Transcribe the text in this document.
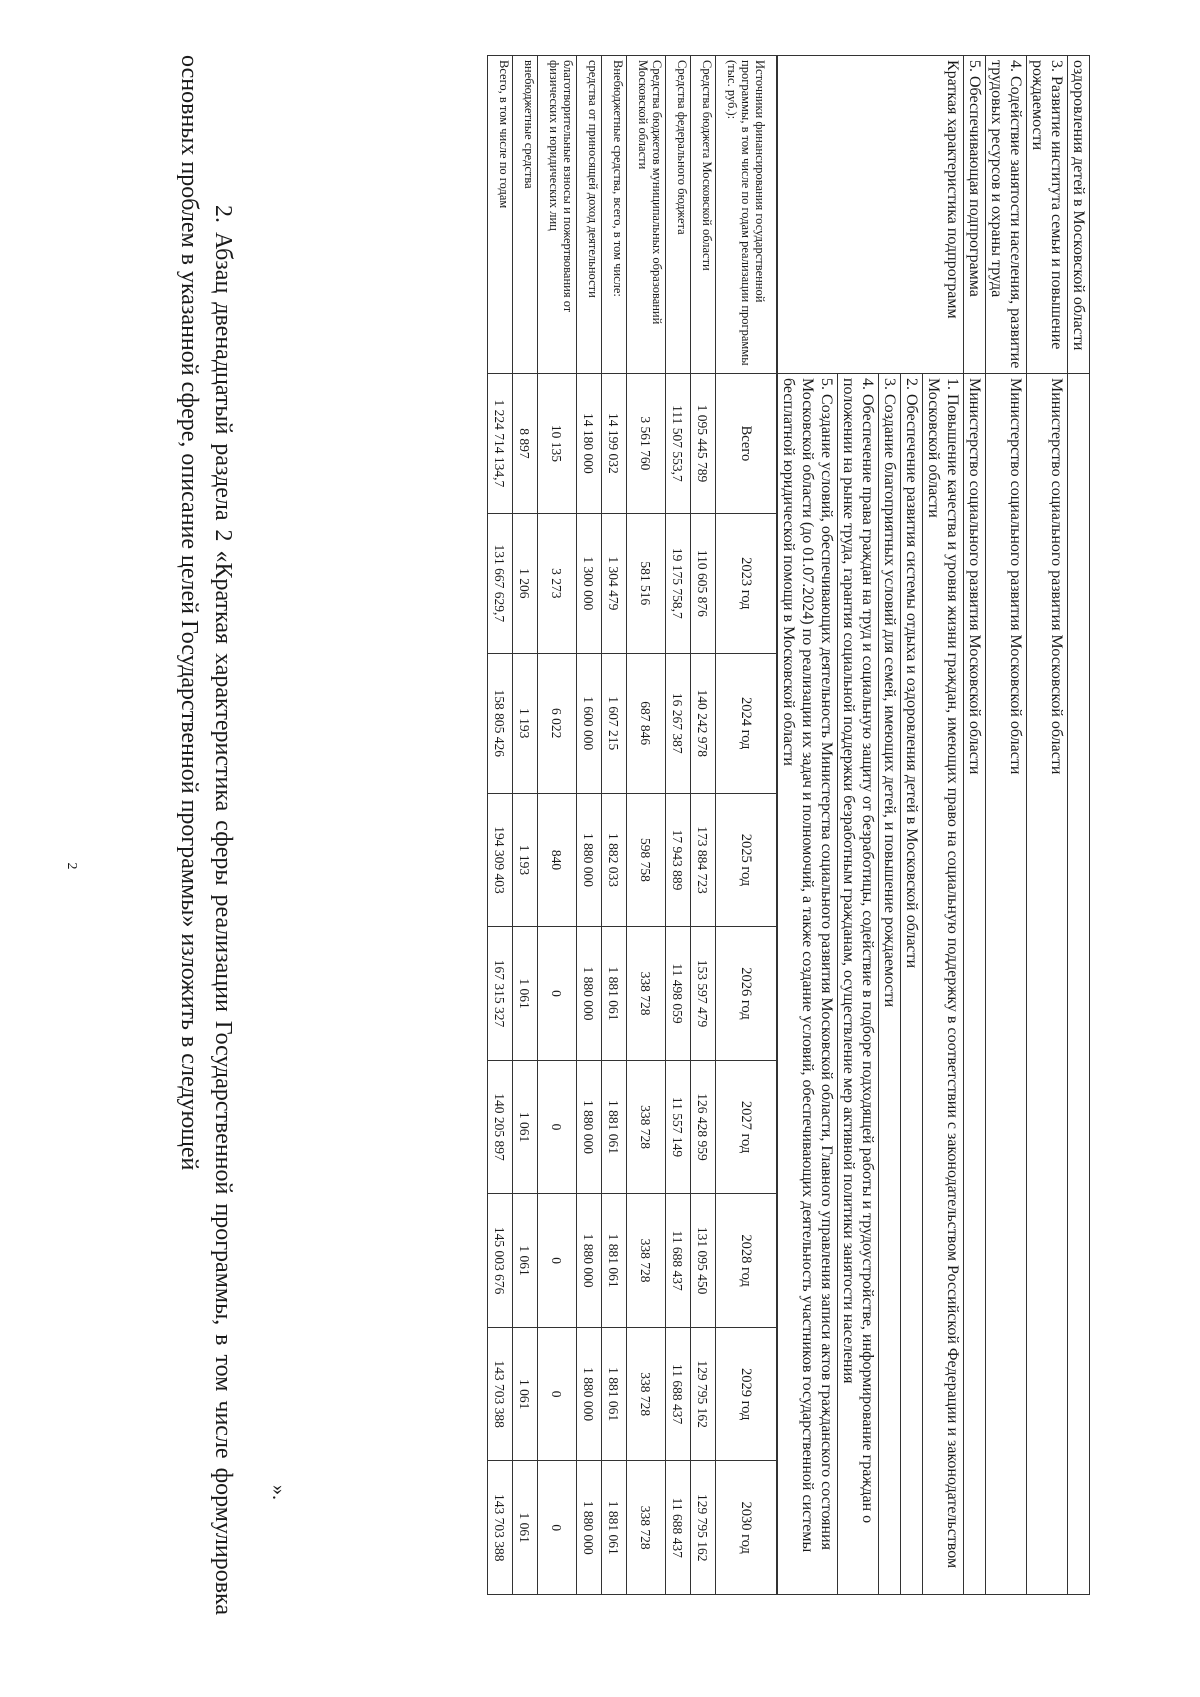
2
оздоровления детей в Московской области									
3. Развитие института семьи и повышение рождаемости	Министерство социального развития Московской области								
4. Содействие занятости населения, развитие трудовых ресурсов и охраны труда	Министерство социального развития Московской области								
5. Обеспечивающая подпрограмма	Министерство социального развития Московской области								
Краткая характеристика подпрограмм	1. Повышение качества и уровня жизни граждан, имеющих право на социальную поддержку в соответствии с законодательством Российской Федерации и законодательством Московской области								
	2. Обеспечение развития системы отдыха и оздоровления детей в Московской области								
	3. Создание благоприятных условий для семей, имеющих детей, и повышение рождаемости								
	4. Обеспечение права граждан на труд и социальную защиту от безработицы, содействие в подборе подходящей работы и трудоустройстве, информирование граждан о положении на рынке труда, гарантия социальной поддержки безработным гражданам, осуществление мер активной политики занятости населения								
	5. Создание условий, обеспечивающих деятельность Министерства социального развития Московской области, Главного управления записи актов гражданского состояния Московской области (до 01.07.2024) по реализации их задач и полномочий, а также создание условий, обеспечивающих деятельность участников государственной системы бесплатной юридической помощи в Московской области								
Источники финансирования государственной программы, в том числе по годам реализации программы (тыс. руб.):	Всего	2023 год	2024 год	2025 год	2026 год	2027 год	2028 год	2029 год	2030 год
Средства бюджета Московской области	1 095 445 789	110 605 876	140 242 978	173 884 723	153 597 479	126 428 959	131 095 450	129 795 162	129 795 162
Средства федерального бюджета	111 507 553,7	19 175 758,7	16 267 387	17 943 889	11 498 059	11 557 149	11 688 437	11 688 437	11 688 437
Средства бюджетов муниципальных образований Московской области	3 561 760	581 516	687 846	598 758	338 728	338 728	338 728	338 728	338 728
Внебюджетные средства, всего, в том числе:	14 199 032	1 304 479	1 607 215	1 882 033	1 881 061	1 881 061	1 881 061	1 881 061	1 881 061
средства от приносящей доход деятельности	14 180 000	1 300 000	1 600 000	1 880 000	1 880 000	1 880 000	1 880 000	1 880 000	1 880 000
благотворительные взносы и пожертвования от физических и юридических лиц	10 135	3 273	6 022	840	0	0	0	0	0
внебюджетные средства	8 897	1 206	1 193	1 193	1 061	1 061	1 061	1 061	1 061
Всего, в том числе по годам	1 224 714 134,7	131 667 629,7	158 805 426	194 309 403	167 315 327	140 205 897	145 003 676	143 703 388	143 703 388
».
2. Абзац двенадцатый раздела 2 «Краткая характеристика сферы реализации Государственной программы, в том числе формулировка основных проблем в указанной сфере, описание целей Государственной программы» изложить в следующей
